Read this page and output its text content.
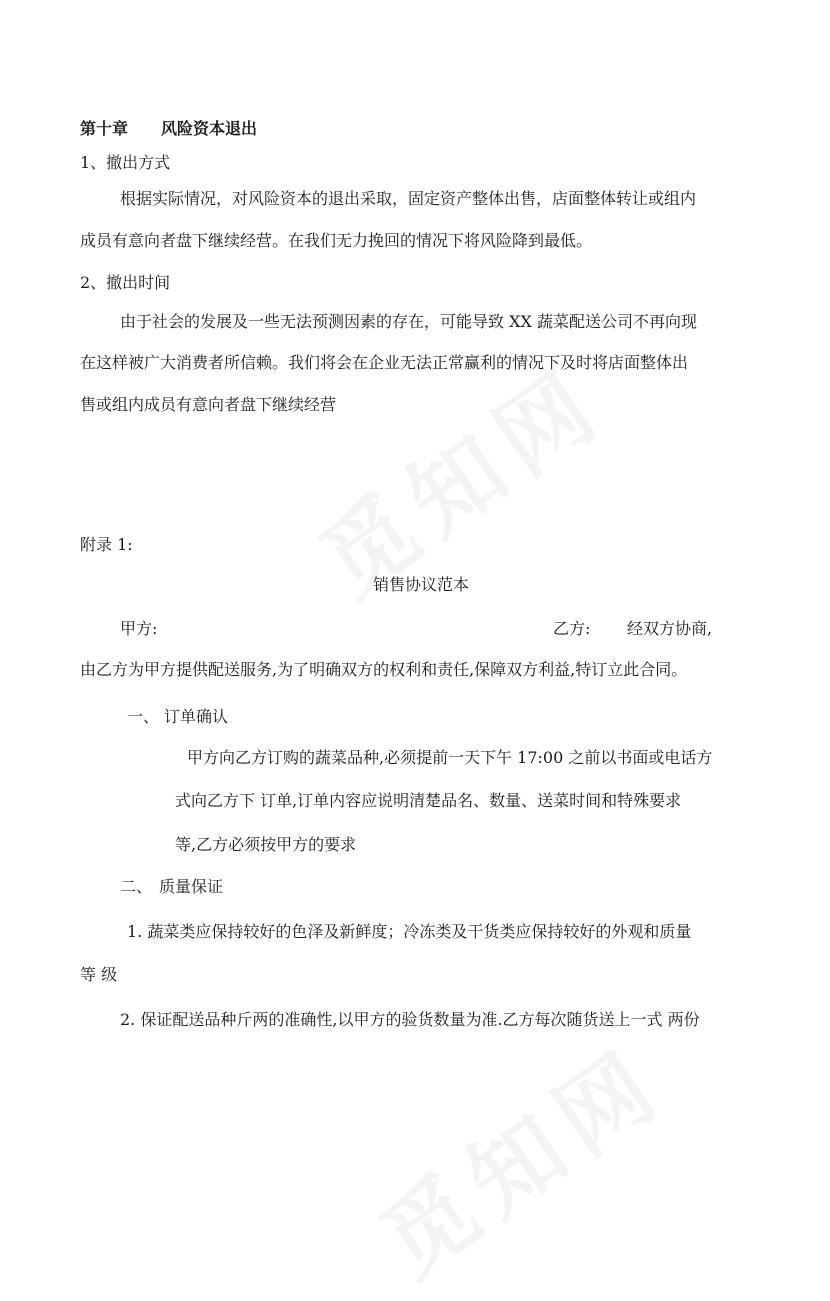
第十章 风险资本退出
1、撤出方式
根据实际情况，对风险资本的退出采取，固定资产整体出售，店面整体转让或组内
成员有意向者盘下继续经营。在我们无力挽回的情况下将风险降到最低。
2、撤出时间
由于社会的发展及一些无法预测因素的存在，可能导致 XX 蔬菜配送公司不再向现
在这样被广大消费者所信赖。我们将会在企业无法正常赢利的情况下及时将店面整体出
售或组内成员有意向者盘下继续经营
附录 1:
销售协议范本
甲方:	乙方: 经双方协商,
由乙方为甲方提供配送服务,为了明确双方的权利和责任,保障双方利益,特订立此合同。
一、 订单确认
甲方向乙方订购的蔬菜品种,必须提前一天下午 17:00 之前以书面或电话方
式向乙方下 订单,订单内容应说明清楚品名、数量、送菜时间和特殊要求
等,乙方必须按甲方的要求
二、 质量保证
1. 蔬菜类应保持较好的色泽及新鲜度；冷冻类及干货类应保持较好的外观和质量
等 级
2. 保证配送品种斤两的准确性,以甲方的验货数量为准.乙方每次随货送上一式 两份
